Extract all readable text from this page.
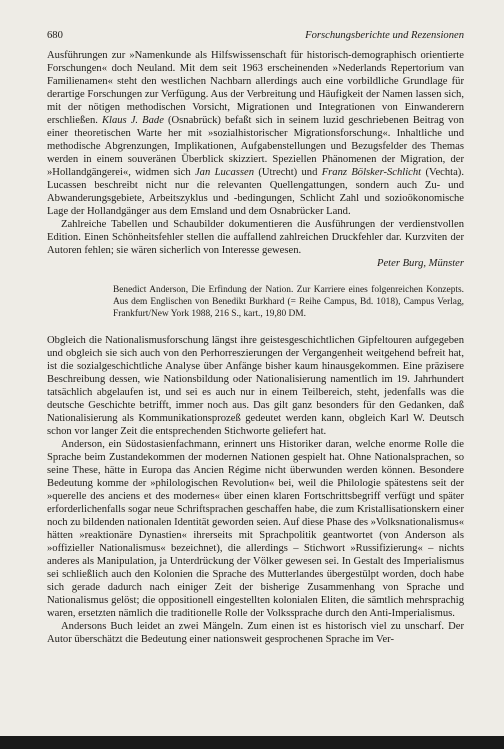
680	Forschungsberichte und Rezensionen

Ausführungen zur »Namenkunde als Hilfswissenschaft für historisch-demographisch orientierte Forschungen« doch Neuland. Mit dem seit 1963 erscheinenden »Nederlands Repertorium van Familienamen« steht den westlichen Nachbarn allerdings auch eine vorbildliche Grundlage für derartige Forschungen zur Verfügung. Aus der Verbreitung und Häufigkeit der Namen lassen sich, mit der nötigen methodischen Vorsicht, Migrationen und Integrationen von Einwanderern erschließen. Klaus J. Bade (Osnabrück) befaßt sich in seinem luzid geschriebenen Beitrag von einer theoretischen Warte her mit »sozialhistorischer Migrationsforschung«. Inhaltliche und methodische Abgrenzungen, Implikationen, Aufgabenstellungen und Bezugsfelder des Themas werden in einem souveränen Überblick skizziert. Speziellen Phänomenen der Migration, der »Hollandgängerei«, widmen sich Jan Lucassen (Utrecht) und Franz Bölsker-Schlicht (Vechta). Lucassen beschreibt nicht nur die relevanten Quellengattungen, sondern auch Zu- und Abwanderungsgebiete, Arbeitszyklus und -bedingungen, Schlicht Zahl und sozioökonomische Lage der Hollandgänger aus dem Emsland und dem Osnabrücker Land.

Zahlreiche Tabellen und Schaubilder dokumentieren die Ausführungen der verdienstvollen Edition. Einen Schönheitsfehler stellen die auffallend zahlreichen Druckfehler dar. Kurzviten der Autoren fehlen; sie wären sicherlich von Interesse gewesen.

Peter Burg, Münster
Benedict Anderson, Die Erfindung der Nation. Zur Karriere eines folgenreichen Konzepts. Aus dem Englischen von Benedikt Burkhard (= Reihe Campus, Bd. 1018), Campus Verlag, Frankfurt/New York 1988, 216 S., kart., 19,80 DM.

Obgleich die Nationalismusforschung längst ihre geistesgeschichtlichen Gipfeltouren aufgegeben und obgleich sie sich auch von den Perhorreszierungen der Vergangenheit weitgehend befreit hat, ist die sozialgeschichtliche Analyse über Anfänge bisher kaum hinausgekommen. Eine präzisere Beschreibung dessen, wie Nationsbildung oder Nationalisierung namentlich im 19. Jahrhundert tatsächlich abgelaufen ist, und sei es auch nur in einem Teilbereich, steht, jedenfalls was die deutsche Geschichte betrifft, immer noch aus. Das gilt ganz besonders für den Gedanken, daß Nationalisierung als Kommunikationsprozeß gedeutet werden kann, obgleich Karl W. Deutsch schon vor langer Zeit die entsprechenden Stichworte geliefert hat.

Anderson, ein Südostasienfachmann, erinnert uns Historiker daran, welche enorme Rolle die Sprache beim Zustandekommen der modernen Nationen gespielt hat. Ohne Nationalsprachen, so seine These, hätte in Europa das Ancien Régime nicht überwunden werden können. Besondere Bedeutung komme der »philologischen Revolution« bei, weil die Philologie spätestens seit der »querelle des anciens et des modernes« über einen klaren Fortschrittsbegriff verfügt und später erforderlichenfalls sogar neue Schriftsprachen geschaffen habe, die zum Kristallisationskern einer noch zu bildenden nationalen Identität geworden seien. Auf diese Phase des »Volksnationalismus« hätten »reaktionäre Dynastien« ihrerseits mit Sprachpolitik geantwortet (von Anderson als »offizieller Nationalismus« bezeichnet), die allerdings – Stichwort »Russifizierung« – nichts anderes als Manipulation, ja Unterdrückung der Völker gewesen sei. In Gestalt des Imperialismus sei schließlich auch den Kolonien die Sprache des Mutterlandes übergestülpt worden, doch habe sich gerade dadurch nach einiger Zeit der bisherige Zusammenhang von Sprache und Nationalismus gelöst; die oppositionell eingestellten kolonialen Eliten, die sämtlich mehrsprachig waren, ersetzten nämlich die traditionelle Rolle der Volkssprache durch den Anti-Imperialismus.

Andersons Buch leidet an zwei Mängeln. Zum einen ist es historisch viel zu unscharf. Der Autor überschätzt die Bedeutung einer nationsweit gesprochenen Sprache im Ver-
